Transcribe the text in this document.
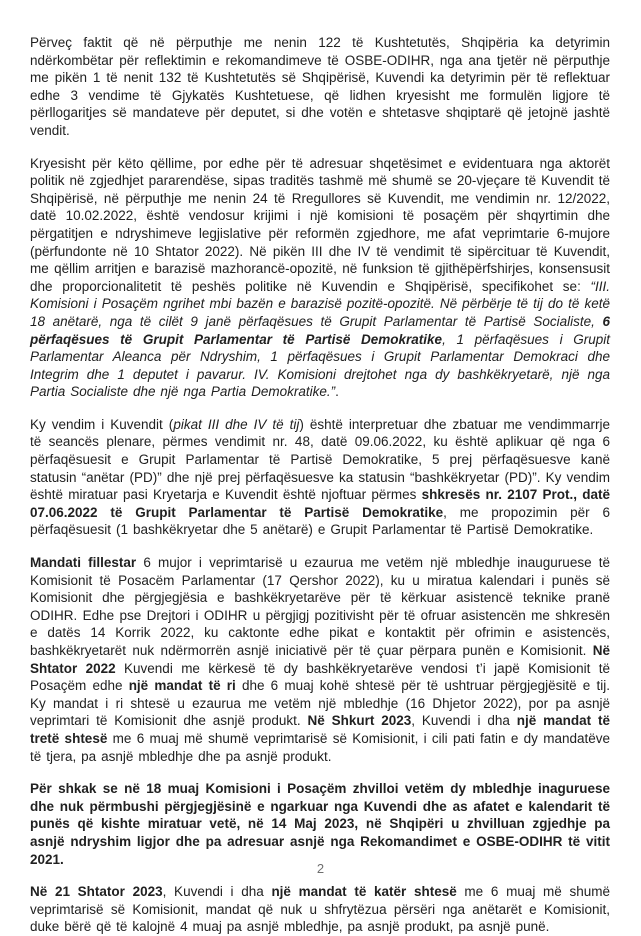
Përveç faktit që në përputhje me nenin 122 të Kushtetutës, Shqipëria ka detyrimin ndërkombëtar për reflektimin e rekomandimeve të OSBE-ODIHR, nga ana tjetër në përputhje me pikën 1 të nenit 132 të Kushtetutës së Shqipërisë, Kuvendi ka detyrimin për të reflektuar edhe 3 vendime të Gjykatës Kushtetuese, që lidhen kryesisht me formulën ligjore të përllogaritjes së mandateve për deputet, si dhe votën e shtetasve shqiptarë që jetojnë jashtë vendit.

Kryesisht për këto qëllime, por edhe për të adresuar shqetësimet e evidentuara nga aktorët politik në zgjedhjet pararendëse, sipas traditës tashmë më shumë se 20-vjeçare të Kuvendit të Shqipërisë, në përputhje me nenin 24 të Rregullores së Kuvendit, me vendimin nr. 12/2022, datë 10.02.2022, është vendosur krijimi i një komisioni të posaçëm për shqyrtimin dhe përgatitjen e ndryshimeve legjislative për reformën zgjedhore, me afat veprimtarie 6-mujore (përfundonte në 10 Shtator 2022). Në pikën III dhe IV të vendimit të sipërcituar të Kuvendit, me qëllim arritjen e barazisë mazhorancë-opozitë, në funksion të gjithëpërfshirjes, konsensusit dhe proporcionalitetit të peshës politike në Kuvendin e Shqipërisë, specifikohet se: “III. Komisioni i Posaçëm ngrihet mbi bazën e barazisë pozitë-opozitë. Në përbërje të tij do të ketë 18 anëtarë, nga të cilët 9 janë përfaqësues të Grupit Parlamentar të Partisë Socialiste, 6 përfaqësues të Grupit Parlamentar të Partisë Demokratike, 1 përfaqësues i Grupit Parlamentar Aleanca për Ndryshim, 1 përfaqësues i Grupit Parlamentar Demokraci dhe Integrim dhe 1 deputet i pavarur. IV. Komisioni drejtohet nga dy bashkëkryetarë, një nga Partia Socialiste dhe një nga Partia Demokratike.”.

Ky vendim i Kuvendit (pikat III dhe IV të tij) është interpretuar dhe zbatuar me vendimmarrje të seancës plenare, përmes vendimit nr. 48, datë 09.06.2022, ku është aplikuar që nga 6 përfaqësuesit e Grupit Parlamentar të Partisë Demokratike, 5 prej përfaqësuesve kanë statusin “anëtar (PD)” dhe një prej përfaqësuesve ka statusin “bashkëkryetar (PD)”. Ky vendim është miratuar pasi Kryetarja e Kuvendit është njoftuar përmes shkresës nr. 2107 Prot., datë 07.06.2022 të Grupit Parlamentar të Partisë Demokratike, me propozimin për 6 përfaqësuesit (1 bashkëkryetar dhe 5 anëtarë) e Grupit Parlamentar të Partisë Demokratike.

Mandati fillestar 6 mujor i veprimtarisë u ezaurua me vetëm një mbledhje inauguruese të Komisionit të Posacëm Parlamentar (17 Qershor 2022), ku u miratua kalendari i punës së Komisionit dhe përgjegjësia e bashkëkryetarëve për të kërkuar asistencë teknike pranë ODIHR. Edhe pse Drejtori i ODIHR u përgjigj pozitivisht për të ofruar asistencën me shkresën e datës 14 Korrik 2022, ku caktonte edhe pikat e kontaktit për ofrimin e asistencës, bashkëkryetarët nuk ndërmorrën asnjë iniciativë për të çuar përpara punën e Komisionit. Në Shtator 2022 Kuvendi me kërkesë të dy bashkëkryetarëve vendosi t’i japë Komisionit të Posaçëm edhe një mandat të ri dhe 6 muaj kohë shtesë për të ushtruar përgjegjësitë e tij. Ky mandat i ri shtesë u ezaurua me vetëm një mbledhje (16 Dhjetor 2022), por pa asnjë veprimtari të Komisionit dhe asnjë produkt. Në Shkurt 2023, Kuvendi i dha një mandat të tretë shtesë me 6 muaj më shumë veprimtarisë së Komisionit, i cili pati fatin e dy mandatëve të tjera, pa asnjë mbledhje dhe pa asnjë produkt.

Për shkak se në 18 muaj Komisioni i Posaçëm zhvilloi vetëm dy mbledhje inaguruese dhe nuk përmbushi përgjegjësinë e ngarkuar nga Kuvendi dhe as afatet e kalendarit të punës që kishte miratuar vetë, në 14 Maj 2023, në Shqipëri u zhvilluan zgjedhje pa asnjë ndryshim ligjor dhe pa adresuar asnjë nga Rekomandimet e OSBE-ODIHR të vitit 2021.

Në 21 Shtator 2023, Kuvendi i dha një mandat të katër shtesë me 6 muaj më shumë veprimtarisë së Komisionit, mandat që nuk u shfrytëzua përsëri nga anëtarët e Komisionit, duke bërë që të kalojnë 4 muaj pa asnjë mbledhje, pa asnjë produkt, pa asnjë punë.

2
